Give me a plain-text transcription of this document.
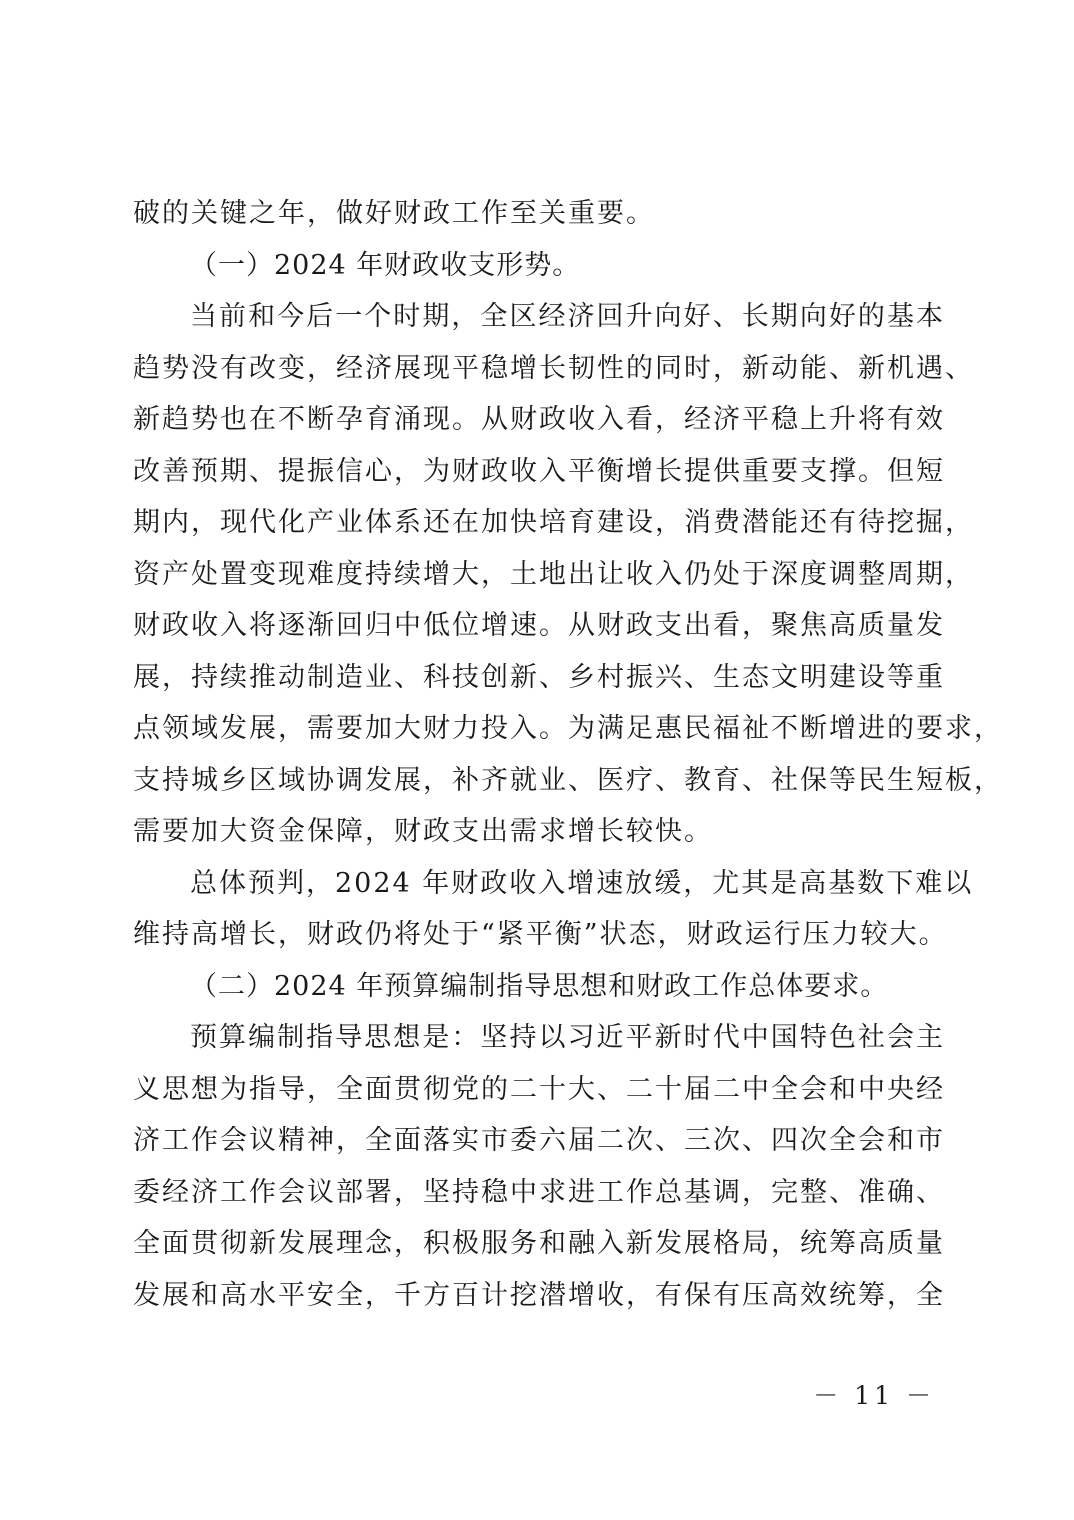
破的关键之年，做好财政工作至关重要。
（一）2024 年财政收支形势。
当前和今后一个时期，全区经济回升向好、长期向好的基本
趋势没有改变，经济展现平稳增长韧性的同时，新动能、新机遇、
新趋势也在不断孕育涌现。从财政收入看，经济平稳上升将有效
改善预期、提振信心，为财政收入平衡增长提供重要支撑。但短
期内，现代化产业体系还在加快培育建设，消费潜能还有待挖掘，
资产处置变现难度持续增大，土地出让收入仍处于深度调整周期，
财政收入将逐渐回归中低位增速。从财政支出看，聚焦高质量发
展，持续推动制造业、科技创新、乡村振兴、生态文明建设等重
点领域发展，需要加大财力投入。为满足惠民福祉不断增进的要求，
支持城乡区域协调发展，补齐就业、医疗、教育、社保等民生短板，
需要加大资金保障，财政支出需求增长较快。
总体预判，2024 年财政收入增速放缓，尤其是高基数下难以
维持高增长，财政仍将处于“紧平衡”状态，财政运行压力较大。
（二）2024 年预算编制指导思想和财政工作总体要求。
预算编制指导思想是：坚持以习近平新时代中国特色社会主
义思想为指导，全面贯彻党的二十大、二十届二中全会和中央经
济工作会议精神，全面落实市委六届二次、三次、四次全会和市
委经济工作会议部署，坚持稳中求进工作总基调，完整、准确、
全面贯彻新发展理念，积极服务和融入新发展格局，统筹高质量
发展和高水平安全，千方百计挖潜增收，有保有压高效统筹，全
－ 11 －
